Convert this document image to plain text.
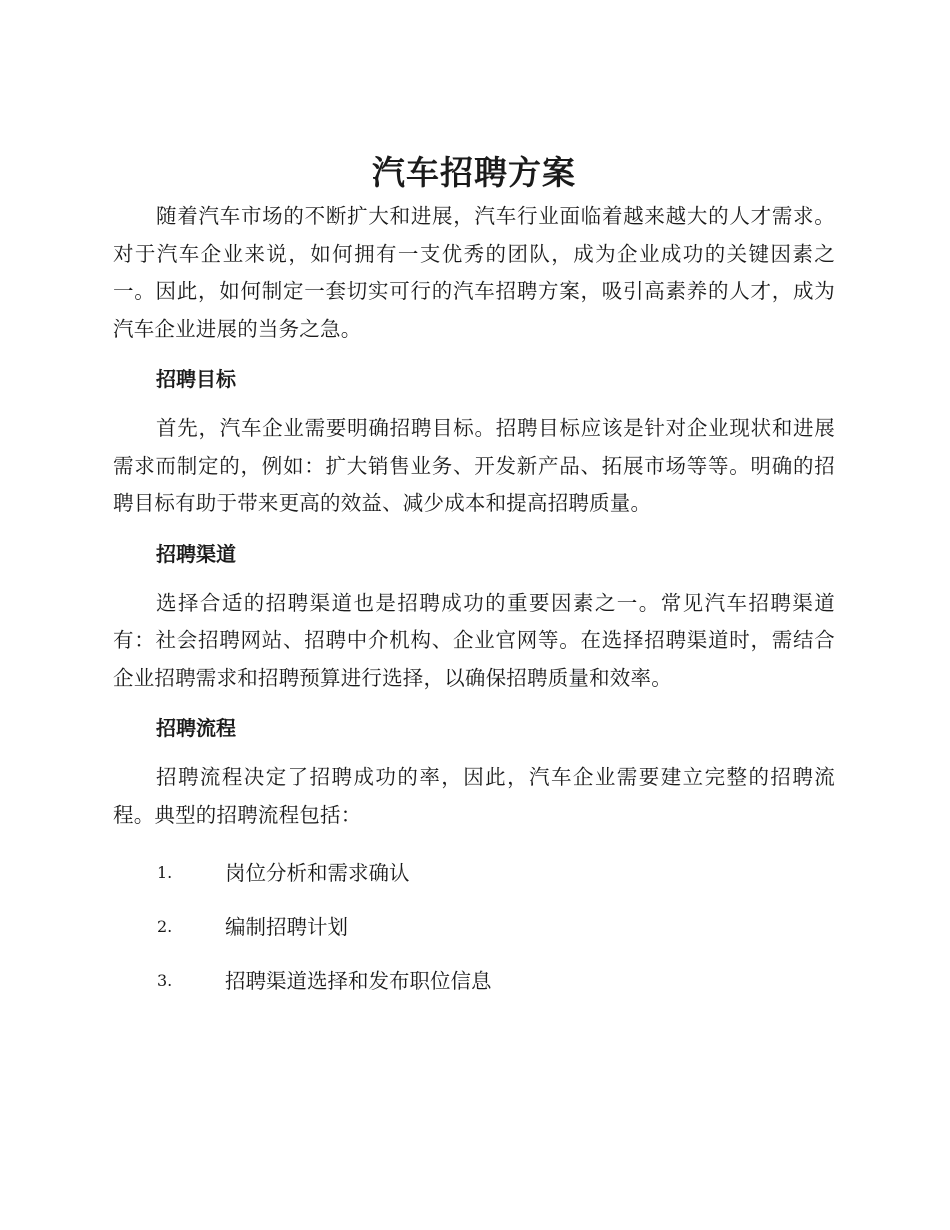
汽车招聘方案

随着汽车市场的不断扩大和进展，汽车行业面临着越来越大的人才需求。对于汽车企业来说，如何拥有一支优秀的团队，成为企业成功的关键因素之一。因此，如何制定一套切实可行的汽车招聘方案，吸引高素养的人才，成为汽车企业进展的当务之急。

招聘目标

首先，汽车企业需要明确招聘目标。招聘目标应该是针对企业现状和进展需求而制定的，例如：扩大销售业务、开发新产品、拓展市场等等。明确的招聘目标有助于带来更高的效益、减少成本和提高招聘质量。

招聘渠道

选择合适的招聘渠道也是招聘成功的重要因素之一。常见汽车招聘渠道有：社会招聘网站、招聘中介机构、企业官网等。在选择招聘渠道时，需结合企业招聘需求和招聘预算进行选择，以确保招聘质量和效率。

招聘流程

招聘流程决定了招聘成功的率，因此，汽车企业需要建立完整的招聘流程。典型的招聘流程包括：

1.	岗位分析和需求确认
2.	编制招聘计划
3.	招聘渠道选择和发布职位信息
